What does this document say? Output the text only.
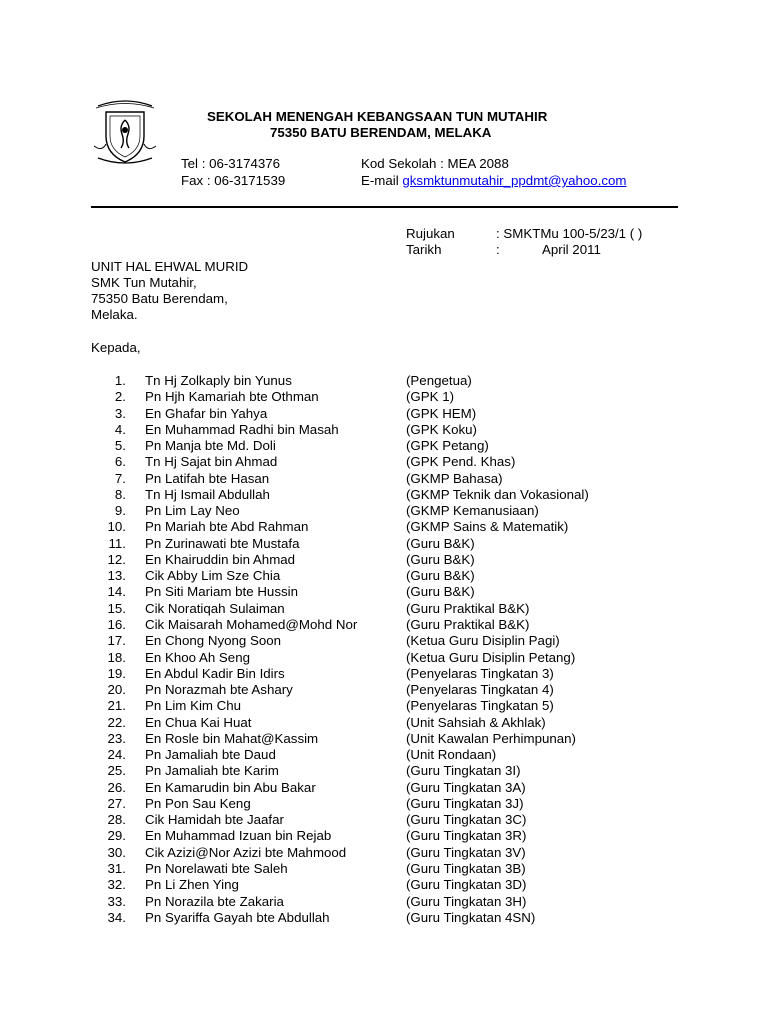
SEKOLAH MENENGAH KEBANGSAAN TUN MUTAHIR
75350 BATU BERENDAM, MELAKA
Tel : 06-3174376
Fax : 06-3171539
Kod Sekolah : MEA 2088
E-mail gksmktunmutahir_ppdmt@yahoo.com
Rujukan	: SMKTMu 100-5/23/1 ( )
Tarikh	:	April 2011
UNIT HAL EHWAL MURID
SMK Tun Mutahir,
75350 Batu Berendam,
Melaka.
Kepada,
1. Tn Hj Zolkaply bin Yunus	(Pengetua)
2. Pn Hjh Kamariah bte Othman	(GPK 1)
3. En Ghafar bin Yahya	(GPK HEM)
4. En Muhammad Radhi bin Masah	(GPK Koku)
5. Pn Manja bte Md. Doli	(GPK Petang)
6. Tn Hj Sajat bin Ahmad	(GPK Pend. Khas)
7. Pn Latifah bte Hasan	(GKMP Bahasa)
8. Tn Hj Ismail Abdullah	(GKMP Teknik dan Vokasional)
9. Pn Lim Lay Neo	(GKMP Kemanusiaan)
10. Pn Mariah bte Abd Rahman	(GKMP Sains & Matematik)
11. Pn Zurinawati bte Mustafa	(Guru B&K)
12. En Khairuddin bin Ahmad	(Guru B&K)
13. Cik Abby Lim Sze Chia	(Guru B&K)
14. Pn Siti Mariam bte Hussin	(Guru B&K)
15. Cik Noratiqah Sulaiman	(Guru Praktikal B&K)
16. Cik Maisarah Mohamed@Mohd Nor	(Guru Praktikal B&K)
17. En Chong Nyong Soon	(Ketua Guru Disiplin Pagi)
18. En Khoo Ah Seng	(Ketua Guru Disiplin Petang)
19. En Abdul Kadir Bin Idirs	(Penyelaras Tingkatan 3)
20. Pn Norazmah bte Ashary	(Penyelaras Tingkatan 4)
21. Pn Lim Kim Chu	(Penyelaras Tingkatan 5)
22. En Chua Kai Huat	(Unit Sahsiah & Akhlak)
23. En Rosle bin Mahat@Kassim	(Unit Kawalan Perhimpunan)
24. Pn Jamaliah bte Daud	(Unit Rondaan)
25. Pn Jamaliah bte Karim	(Guru Tingkatan 3I)
26. En Kamarudin bin Abu Bakar	(Guru Tingkatan 3A)
27. Pn Pon Sau Keng	(Guru Tingkatan 3J)
28. Cik Hamidah bte Jaafar	(Guru Tingkatan 3C)
29. En Muhammad Izuan bin Rejab	(Guru Tingkatan 3R)
30. Cik Azizi@Nor Azizi bte Mahmood	(Guru Tingkatan 3V)
31. Pn Norelawati bte Saleh	(Guru Tingkatan 3B)
32. Pn Li Zhen Ying	(Guru Tingkatan 3D)
33. Pn Norazila bte Zakaria	(Guru Tingkatan 3H)
34. Pn Syariffa Gayah bte Abdullah	(Guru Tingkatan 4SN)
